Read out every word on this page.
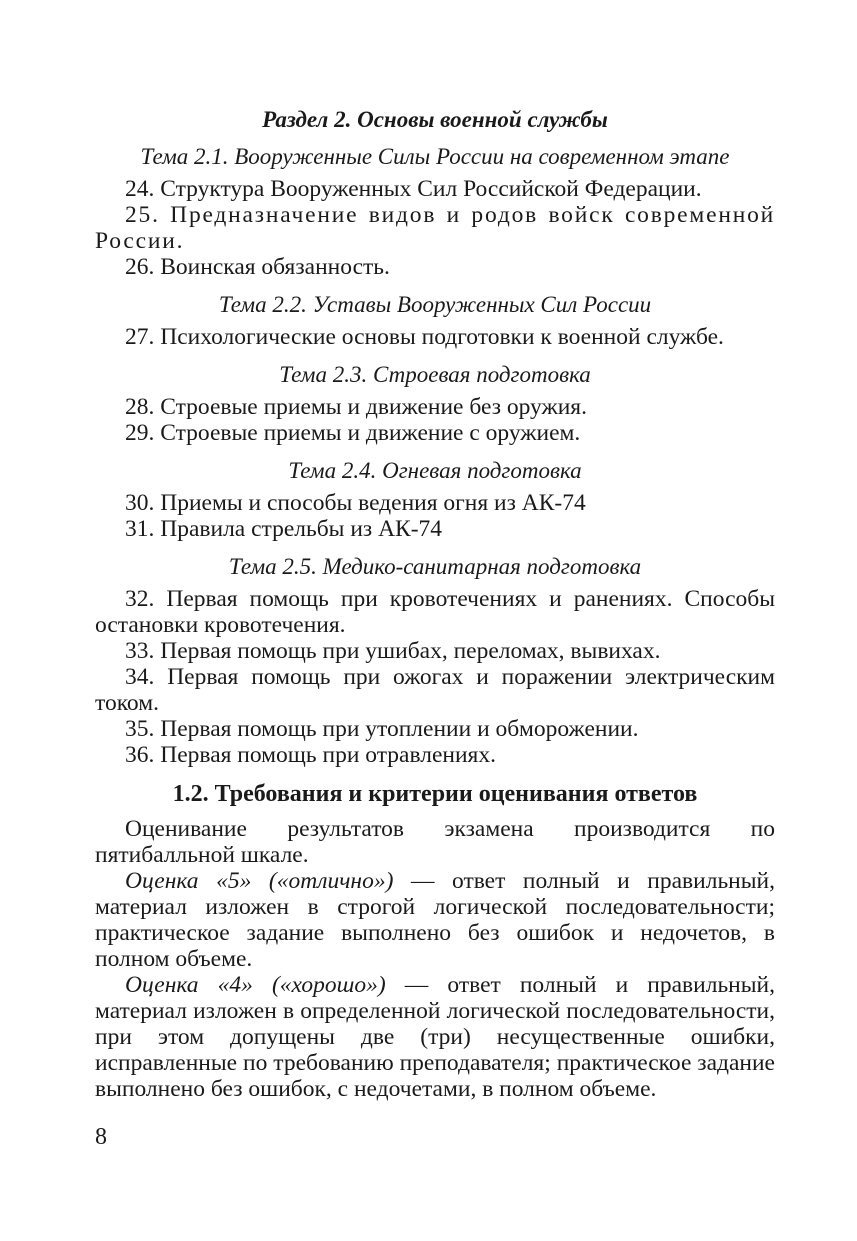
Раздел 2. Основы военной службы
Тема 2.1. Вооруженные Силы России на современном этапе

24. Структура Вооруженных Сил Российской Федерации.

25. Предназначение видов и родов войск современной России.

26. Воинская обязанность.

Тема 2.2. Уставы Вооруженных Сил России

27. Психологические основы подготовки к военной службе.

Тема 2.3. Строевая подготовка

28. Строевые приемы и движение без оружия.

29. Строевые приемы и движение с оружием.

Тема 2.4. Огневая подготовка

30. Приемы и способы ведения огня из АК-74

31. Правила стрельбы из АК-74

Тема 2.5. Медико-санитарная подготовка

32. Первая помощь при кровотечениях и ранениях. Способы остановки кровотечения.

33. Первая помощь при ушибах, переломах, вывихах.

34. Первая помощь при ожогах и поражении электрическим током.

35. Первая помощь при утоплении и обморожении.

36. Первая помощь при отравлениях.

1.2. Требования и критерии оценивания ответов

Оценивание результатов экзамена производится по пятибалльной шкале.

Оценка «5» («отлично») — ответ полный и правильный, материал изложен в строгой логической последовательности; практическое задание выполнено без ошибок и недочетов, в полном объеме.

Оценка «4» («хорошо») — ответ полный и правильный, материал изложен в определенной логической последовательности, при этом допущены две (три) несущественные ошибки, исправленные по требованию преподавателя; практическое задание выполнено без ошибок, с недочетами, в полном объеме.

8
